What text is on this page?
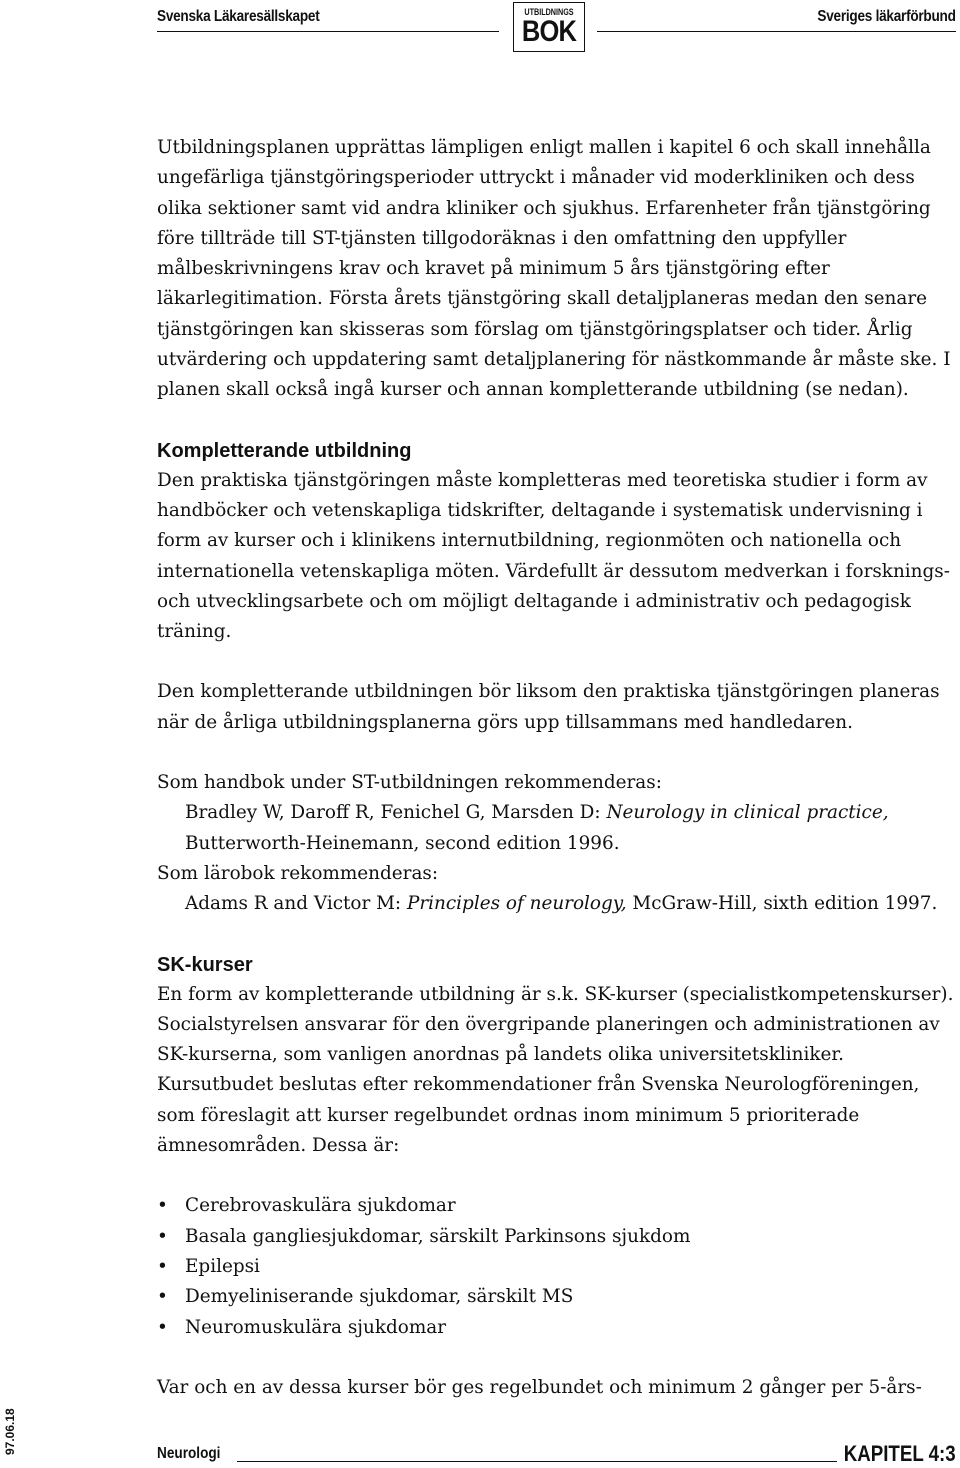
Svenska Läkaresällskapet	UTBILDNINGS
BOK	Sveriges läkarförbund

Utbildningsplanen upprättas lämpligen enligt mallen i kapitel 6 och skall innehålla ungefärliga tjänstgöringsperioder uttryckt i månader vid moderkliniken och dess olika sektioner samt vid andra kliniker och sjukhus. Erfarenheter från tjänstgöring före tillträde till ST-tjänsten tillgodoräknas i den omfattning den uppfyller målbeskrivningens krav och kravet på minimum 5 års tjänstgöring efter läkarlegitimation. Första årets tjänstgöring skall detaljplaneras medan den senare tjänstgöringen kan skisseras som förslag om tjänstgöringsplatser och tider. Årlig utvärdering och uppdatering samt detaljplanering för nästkommande år måste ske. I planen skall också ingå kurser och annan kompletterande utbildning (se nedan).

Kompletterande utbildning

Den praktiska tjänstgöringen måste kompletteras med teoretiska studier i form av handböcker och vetenskapliga tidskrifter, deltagande i systematisk undervisning i form av kurser och i klinikens internutbildning, regionmöten och nationella och internationella vetenskapliga möten. Värdefullt är dessutom medverkan i forsknings- och utvecklingsarbete och om möjligt deltagande i administrativ och pedagogisk träning.

Den kompletterande utbildningen bör liksom den praktiska tjänstgöringen planeras när de årliga utbildningsplanerna görs upp tillsammans med handledaren.

Som handbok under ST-utbildningen rekommenderas:

Bradley W, Daroff R, Fenichel G, Marsden D: Neurology in clinical practice,

Butterworth-Heinemann, second edition 1996.

Som lärobok rekommenderas:

Adams R and Victor M: Principles of neurology, McGraw-Hill, sixth edition 1997.

SK-kurser

En form av kompletterande utbildning är s.k. SK-kurser (specialistkompetenskurser). Socialstyrelsen ansvarar för den övergripande planeringen och administrationen av SK-kurserna, som vanligen anordnas på landets olika universitetskliniker. Kursutbudet beslutas efter rekommendationer från Svenska Neurologföreningen, som föreslagit att kurser regelbundet ordnas inom minimum 5 prioriterade ämnesområden. Dessa är:

• Cerebrovaskulära sjukdomar
• Basala gangliesjukdomar, särskilt Parkinsons sjukdom
• Epilepsi
• Demyeliniserande sjukdomar, särskilt MS
• Neuromuskulära sjukdomar

Var och en av dessa kurser bör ges regelbundet och minimum 2 gånger per 5-års-

97.06.18	Neurologi	KAPITEL 4:3
